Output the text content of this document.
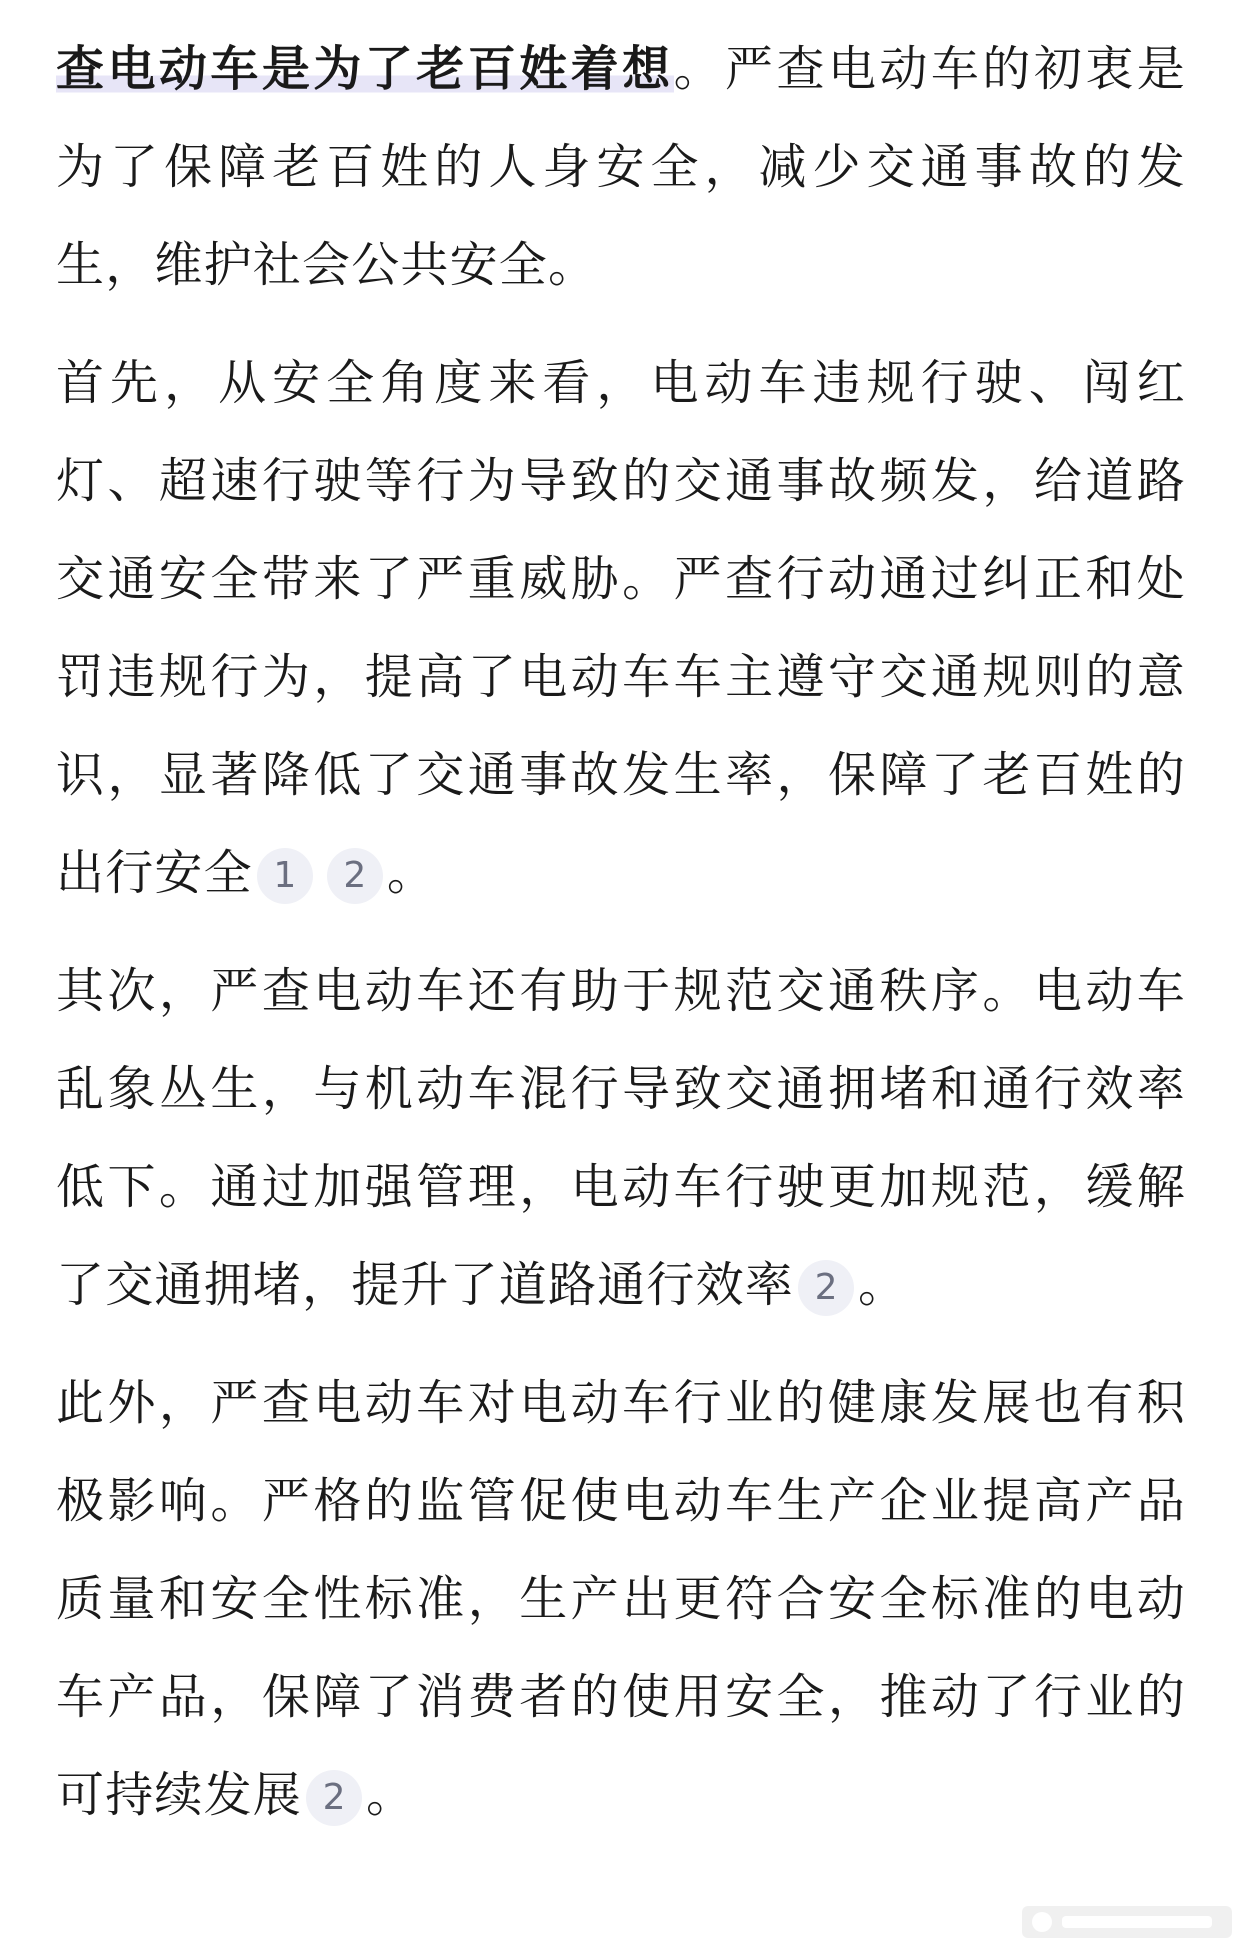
查电动车是为了老百姓着想。严查电动车的初衷是为了保障老百姓的人身安全，减少交通事故的发生，维护社会公共安全。

首先，从安全角度来看，电动车违规行驶、闯红灯、超速行驶等行为导致的交通事故频发，给道路交通安全带来了严重威胁。严查行动通过纠正和处罚违规行为，提高了电动车车主遵守交通规则的意识，显著降低了交通事故发生率，保障了老百姓的出行安全 1 2 。

其次，严查电动车还有助于规范交通秩序。电动车乱象丛生，与机动车混行导致交通拥堵和通行效率低下。通过加强管理，电动车行驶更加规范，缓解了交通拥堵，提升了道路通行效率 2 。

此外，严查电动车对电动车行业的健康发展也有积极影响。严格的监管促使电动车生产企业提高产品质量和安全性标准，生产出更符合安全标准的电动车产品，保障了消费者的使用安全，推动了行业的可持续发展 2 。
